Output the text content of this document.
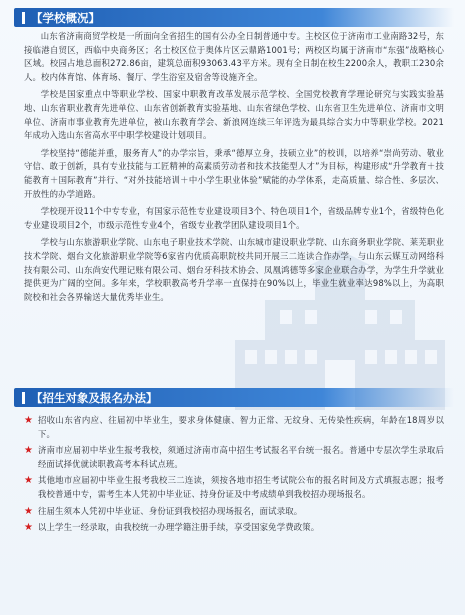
【学校概况】

山东省济南商贸学校是一所面向全省招生的国有公办全日制普通中专。主校区位于济南市工业南路32号，东接临港自贸区，西临中央商务区；名士校区位于奥体片区云鼎路1001号；两校区均属于济南市“东强”战略核心区域。校园占地总面积272.86亩，建筑总面积93063.43平方米。现有全日制在校生2200余人，教职工230余人。校内体育馆、体育场、餐厅、学生浴室及宿舍等设施齐全。

学校是国家重点中等职业学校、国家中职教育改革发展示范学校、全国党校教育学理论研究与实践实验基地、山东省职业教育先进单位、山东省创新教育实验基地、山东省绿色学校、山东省卫生先进单位、济南市文明单位、济南市事业教育先进单位，被山东教育学会、新浪网连续三年评选为最具综合实力中等职业学校。2021年成功入选山东省高水平中职学校建设计划项目。

学校坚持“德能并重，服务育人”的办学宗旨，秉承“德厚立身，技硕立业”的校训，以培养“崇尚劳动、敬业守信、敢于创新，具有专业技能与工匠精神的高素质劳动者和技术技能型人才”为目标，构建形成“升学教育＋技能教育＋国际教育”并行、“对外技能培训＋中小学生职业体验”赋能的办学体系，走高质量、综合性、多层次、开放性的办学道路。

学校现开设11个中专专业，有国家示范性专业建设项目3个、特色项目1个，省级品牌专业1个，省级特色化专业建设项目2个，市级示范性专业4个，省级专业教学团队建设项目1个。

学校与山东旅游职业学院、山东电子职业技术学院、山东城市建设职业学院、山东商务职业学院、莱芜职业技术学院、烟台文化旅游职业学院等6家省内优质高职院校共同开展三二连读合作办学，与山东云媒互动网络科技有限公司、山东尚安代理记账有限公司、烟台牙科技术协会、凤凰鸿德等多家企业联合办学，为学生升学就业提供更为广阔的空间。多年来，学校职教高考升学率一直保持在90%以上，毕业生就业率达98%以上，为高职院校和社会各界输送大量优秀毕业生。

【招生对象及报名办法】
★ 招收山东省内应、往届初中毕业生，要求身体健康、智力正常、无纹身、无传染性疾病，年龄在18周岁以下。
★ 济南市应届初中毕业生报考我校，须通过济南市高中招生考试报名平台统一报名。普通中专层次学生录取后经面试择优就读职教高考本科试点班。
★ 其他地市应届初中毕业生报考我校三二连读，须按各地市招生考试院公布的报名时间及方式填报志愿；报考我校普通中专，需考生本人凭初中毕业证、持身份证及中考成绩单到我校招办现场报名。
★ 往届生须本人凭初中毕业证、身份证到我校招办现场报名，面试录取。
★ 以上学生一经录取，由我校统一办理学籍注册手续，享受国家免学费政策。
